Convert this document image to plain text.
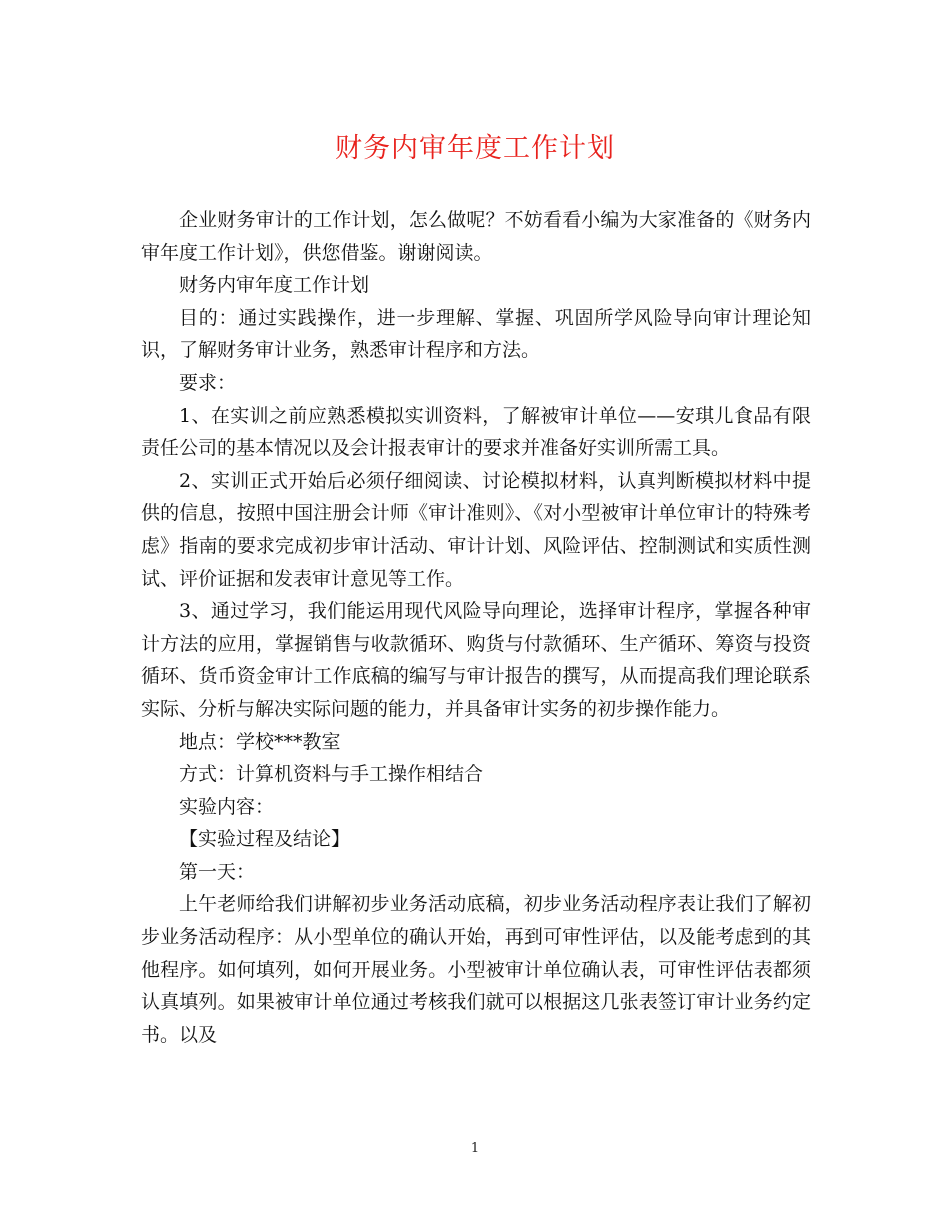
财务内审年度工作计划

企业财务审计的工作计划，怎么做呢？不妨看看小编为大家准备的《财务内审年度工作计划》，供您借鉴。谢谢阅读。

财务内审年度工作计划

目的：通过实践操作，进一步理解、掌握、巩固所学风险导向审计理论知识，了解财务审计业务，熟悉审计程序和方法。

要求：

1、在实训之前应熟悉模拟实训资料，了解被审计单位——安琪儿食品有限责任公司的基本情况以及会计报表审计的要求并准备好实训所需工具。

2、实训正式开始后必须仔细阅读、讨论模拟材料，认真判断模拟材料中提供的信息，按照中国注册会计师《审计准则》、《对小型被审计单位审计的特殊考虑》指南的要求完成初步审计活动、审计计划、风险评估、控制测试和实质性测试、评价证据和发表审计意见等工作。

3、通过学习，我们能运用现代风险导向理论，选择审计程序，掌握各种审计方法的应用，掌握销售与收款循环、购货与付款循环、生产循环、筹资与投资循环、货币资金审计工作底稿的编写与审计报告的撰写，从而提高我们理论联系实际、分析与解决实际问题的能力，并具备审计实务的初步操作能力。

地点：学校***教室

方式：计算机资料与手工操作相结合

实验内容：

【实验过程及结论】

第一天：

上午老师给我们讲解初步业务活动底稿，初步业务活动程序表让我们了解初步业务活动程序：从小型单位的确认开始，再到可审性评估，以及能考虑到的其他程序。如何填列，如何开展业务。小型被审计单位确认表，可审性评估表都须认真填列。如果被审计单位通过考核我们就可以根据这几张表签订审计业务约定书。以及

1
